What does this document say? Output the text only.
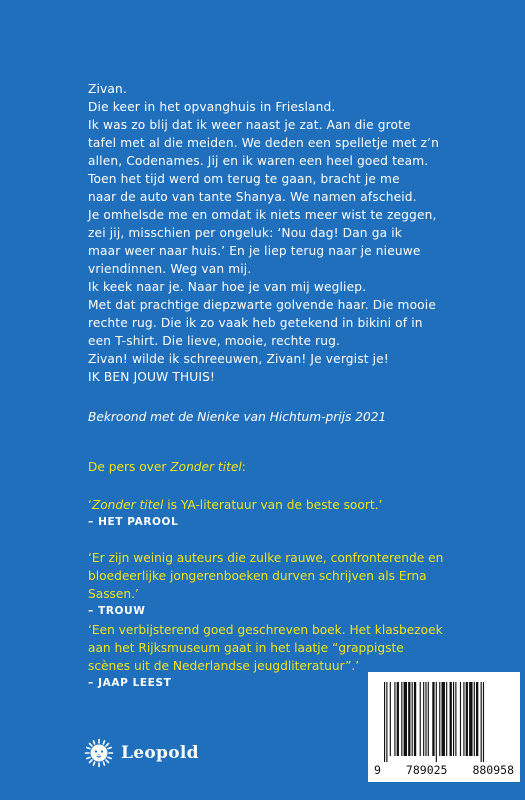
Zivan.
Die keer in het opvanghuis in Friesland.
Ik was zo blij dat ik weer naast je zat. Aan die grote
tafel met al die meiden. We deden een spelletje met z’n
allen, Codenames. Jij en ik waren een heel goed team.
Toen het tijd werd om terug te gaan, bracht je me
naar de auto van tante Shanya. We namen afscheid.
Je omhelsde me en omdat ik niets meer wist te zeggen,
zei jij, misschien per ongeluk: ‘Nou dag! Dan ga ik
maar weer naar huis.’ En je liep terug naar je nieuwe
vriendinnen. Weg van mij.
Ik keek naar je. Naar hoe je van mij wegliep.
Met dat prachtige diepzwarte golvende haar. Die mooie
rechte rug. Die ik zo vaak heb getekend in bikini of in
een T-shirt. Die lieve, mooie, rechte rug.
Zivan! wilde ik schreeuwen, Zivan! Je vergist je!
IK BEN JOUW THUIS!
Bekroond met de Nienke van Hichtum-prijs 2021
De pers over Zonder titel:
‘Zonder titel is YA-literatuur van de beste soort.’
– HET PAROOL
‘Er zijn weinig auteurs die zulke rauwe, confronterende en
bloedeerlijke jongerenboeken durven schrijven als Erna
Sassen.’
– TROUW
‘Een verbijsterend goed geschreven boek. Het klasbezoek
aan het Rijksmuseum gaat in het laatje “grappigste
scènes uit de Nederlandse jeugdliteratuur”.’
– JAAP LEEST
Leopold
9 789025 880958
